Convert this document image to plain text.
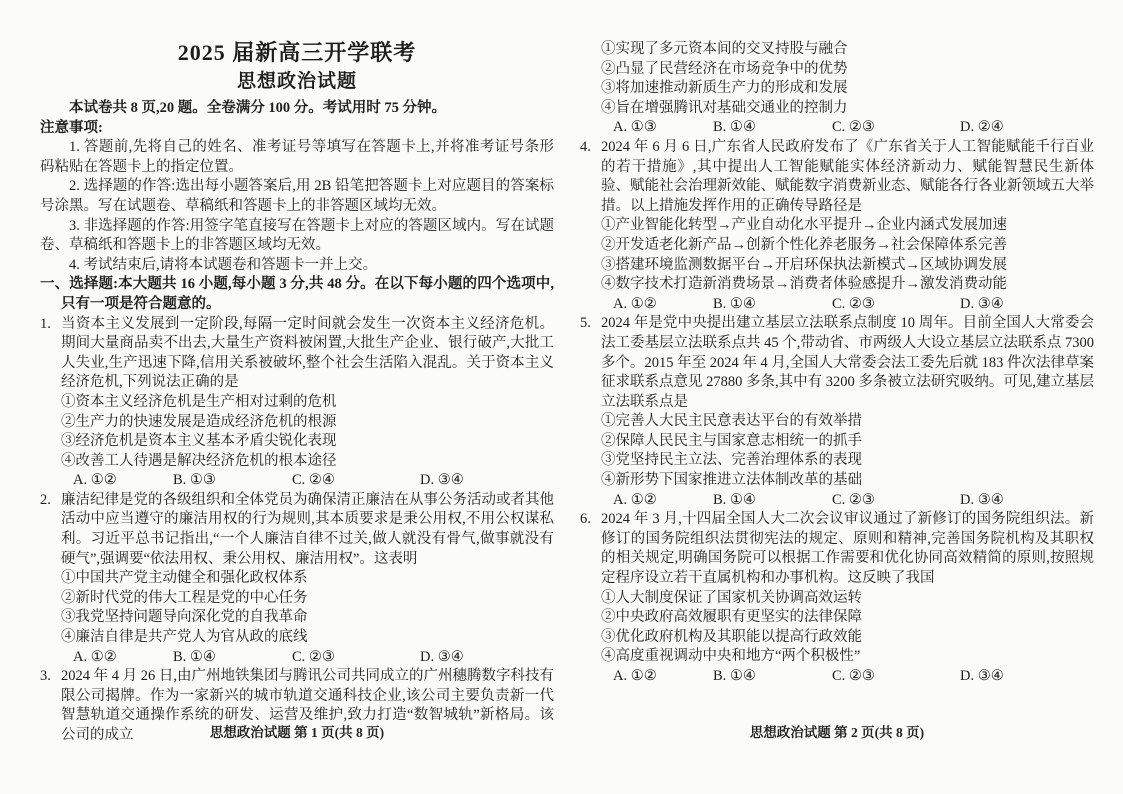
2025 届新高三开学联考
思想政治试题
本试卷共 8 页,20 题。全卷满分 100 分。考试用时 75 分钟。
注意事项:
1. 答题前,先将自己的姓名、准考证号等填写在答题卡上,并将准考证号条形码粘贴在答题卡上的指定位置。
2. 选择题的作答:选出每小题答案后,用 2B 铅笔把答题卡上对应题目的答案标号涂黑。写在试题卷、草稿纸和答题卡上的非答题区域均无效。
3. 非选择题的作答:用签字笔直接写在答题卡上对应的答题区域内。写在试题卷、草稿纸和答题卡上的非答题区域均无效。
4. 考试结束后,请将本试题卷和答题卡一并上交。
一、选择题:本大题共 16 小题,每小题 3 分,共 48 分。在以下每小题的四个选项中,只有一项是符合题意的。
1. 当资本主义发展到一定阶段,每隔一定时间就会发生一次资本主义经济危机。期间大量商品卖不出去,大量生产资料被闲置,大批生产企业、银行破产,大批工人失业,生产迅速下降,信用关系被破坏,整个社会生活陷入混乱。关于资本主义经济危机,下列说法正确的是
①资本主义经济危机是生产相对过剩的危机
②生产力的快速发展是造成经济危机的根源
③经济危机是资本主义基本矛盾尖锐化表现
④改善工人待遇是解决经济危机的根本途径
A. ①②	B. ①③	C. ②④	D. ③④
2. 廉洁纪律是党的各级组织和全体党员为确保清正廉洁在从事公务活动或者其他活动中应当遵守的廉洁用权的行为规则,其本质要求是秉公用权,不用公权谋私利。习近平总书记指出,“一个人廉洁自律不过关,做人就没有骨气,做事就没有硬气”,强调要“依法用权、秉公用权、廉洁用权”。这表明
①中国共产党主动健全和强化政权体系
②新时代党的伟大工程是党的中心任务
③我党坚持问题导向深化党的自我革命
④廉洁自律是共产党人为官从政的底线
A. ①②	B. ①④	C. ②③	D. ③④
3. 2024 年 4 月 26 日,由广州地铁集团与腾讯公司共同成立的广州穗腾数字科技有限公司揭牌。作为一家新兴的城市轨道交通科技企业,该公司主要负责新一代智慧轨道交通操作系统的研发、运营及维护,致力打造“数智城轨”新格局。该公司的成立
①实现了多元资本间的交叉持股与融合
②凸显了民营经济在市场竞争中的优势
③将加速推动新质生产力的形成和发展
④旨在增强腾讯对基础交通业的控制力
A. ①③	B. ①④	C. ②③	D. ②④
4. 2024 年 6 月 6 日,广东省人民政府发布了《广东省关于人工智能赋能千行百业的若干措施》,其中提出人工智能赋能实体经济新动力、赋能智慧民生新体验、赋能社会治理新效能、赋能数字消费新业态、赋能各行各业新领域五大举措。以上措施发挥作用的正确传导路径是
①产业智能化转型→产业自动化水平提升→企业内涵式发展加速
②开发适老化新产品→创新个性化养老服务→社会保障体系完善
③搭建环境监测数据平台→开启环保执法新模式→区域协调发展
④数字技术打造新消费场景→消费者体验感提升→激发消费动能
A. ①②	B. ①④	C. ②③	D. ③④
5. 2024 年是党中央提出建立基层立法联系点制度 10 周年。目前全国人大常委会法工委基层立法联系点共 45 个,带动省、市两级人大设立基层立法联系点 7300 多个。2015 年至 2024 年 4 月,全国人大常委会法工委先后就 183 件次法律草案征求联系点意见 27880 多条,其中有 3200 多条被立法研究吸纳。可见,建立基层立法联系点是
①完善人大民主民意表达平台的有效举措
②保障人民民主与国家意志相统一的抓手
③党坚持民主立法、完善治理体系的表现
④新形势下国家推进立法体制改革的基础
A. ①②	B. ①④	C. ②③	D. ③④
6. 2024 年 3 月,十四届全国人大二次会议审议通过了新修订的国务院组织法。新修订的国务院组织法贯彻宪法的规定、原则和精神,完善国务院机构及其职权的相关规定,明确国务院可以根据工作需要和优化协同高效精简的原则,按照规定程序设立若干直属机构和办事机构。这反映了我国
①人大制度保证了国家机关协调高效运转
②中央政府高效履职有更坚实的法律保障
③优化政府机构及其职能以提高行政效能
④高度重视调动中央和地方“两个积极性”
A. ①②	B. ①④	C. ②③	D. ③④
思想政治试题 第 1 页(共 8 页)	思想政治试题 第 2 页(共 8 页)
